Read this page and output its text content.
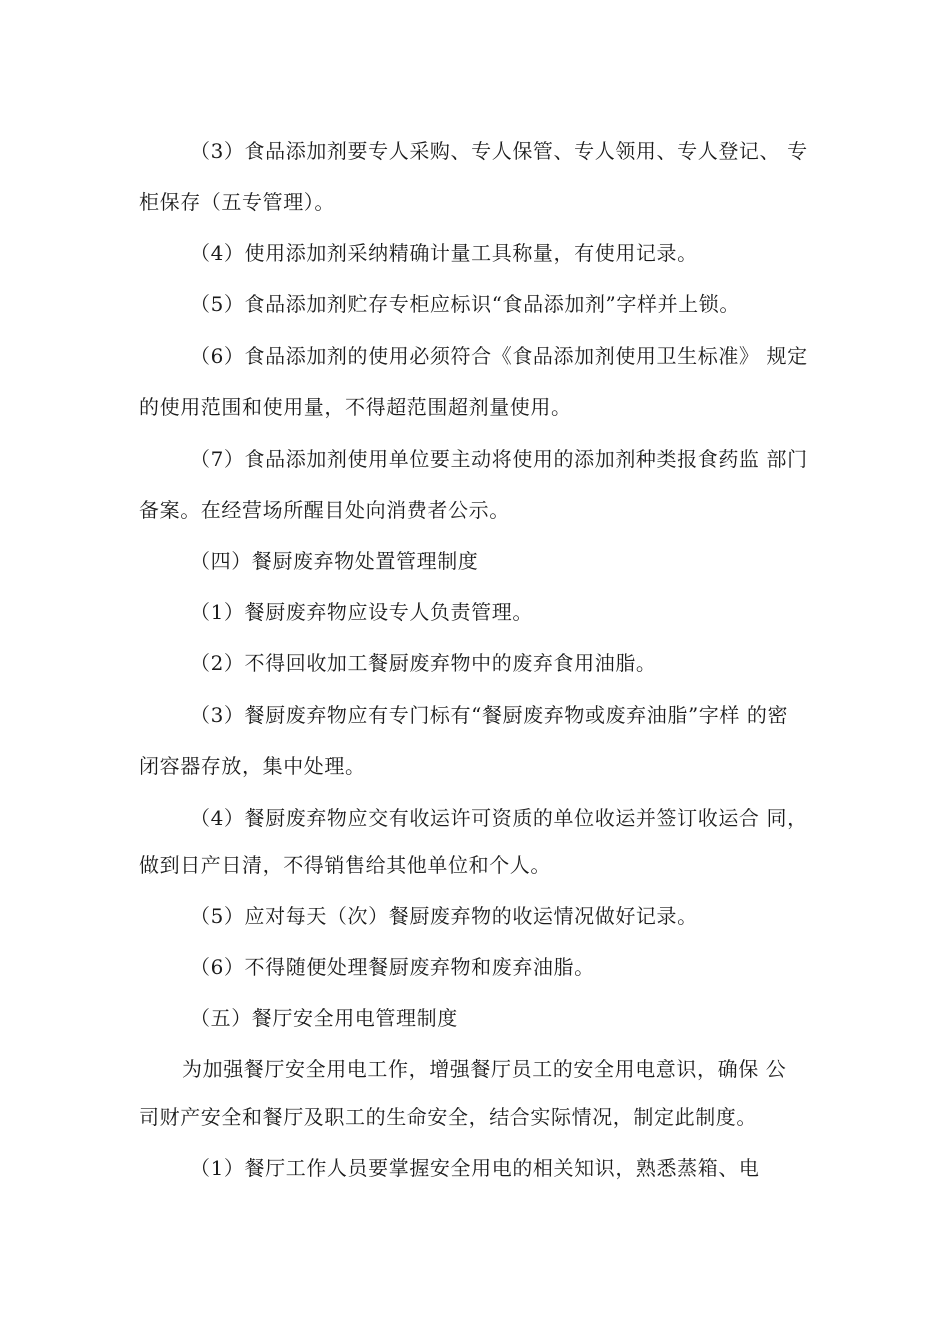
（3）食品添加剂要专人采购、专人保管、专人领用、专人登记、 专
柜保存（五专管理）。
（4）使用添加剂采纳精确计量工具称量，有使用记录。
（5）食品添加剂贮存专柜应标识“食品添加剂”字样并上锁。
（6）食品添加剂的使用必须符合《食品添加剂使用卫生标准》 规定
的使用范围和使用量，不得超范围超剂量使用。
（7）食品添加剂使用单位要主动将使用的添加剂种类报食药监 部门
备案。在经营场所醒目处向消费者公示。
（四）餐厨废弃物处置管理制度
（1）餐厨废弃物应设专人负责管理。
（2）不得回收加工餐厨废弃物中的废弃食用油脂。
（3）餐厨废弃物应有专门标有“餐厨废弃物或废弃油脂”字样 的密
闭容器存放，集中处理。
（4）餐厨废弃物应交有收运许可资质的单位收运并签订收运合 同，
做到日产日清，不得销售给其他单位和个人。
（5）应对每天（次）餐厨废弃物的收运情况做好记录。
（6）不得随便处理餐厨废弃物和废弃油脂。
（五）餐厅安全用电管理制度
为加强餐厅安全用电工作，增强餐厅员工的安全用电意识，确保 公
司财产安全和餐厅及职工的生命安全，结合实际情况，制定此制度。
（1）餐厅工作人员要掌握安全用电的相关知识，熟悉蒸箱、电
